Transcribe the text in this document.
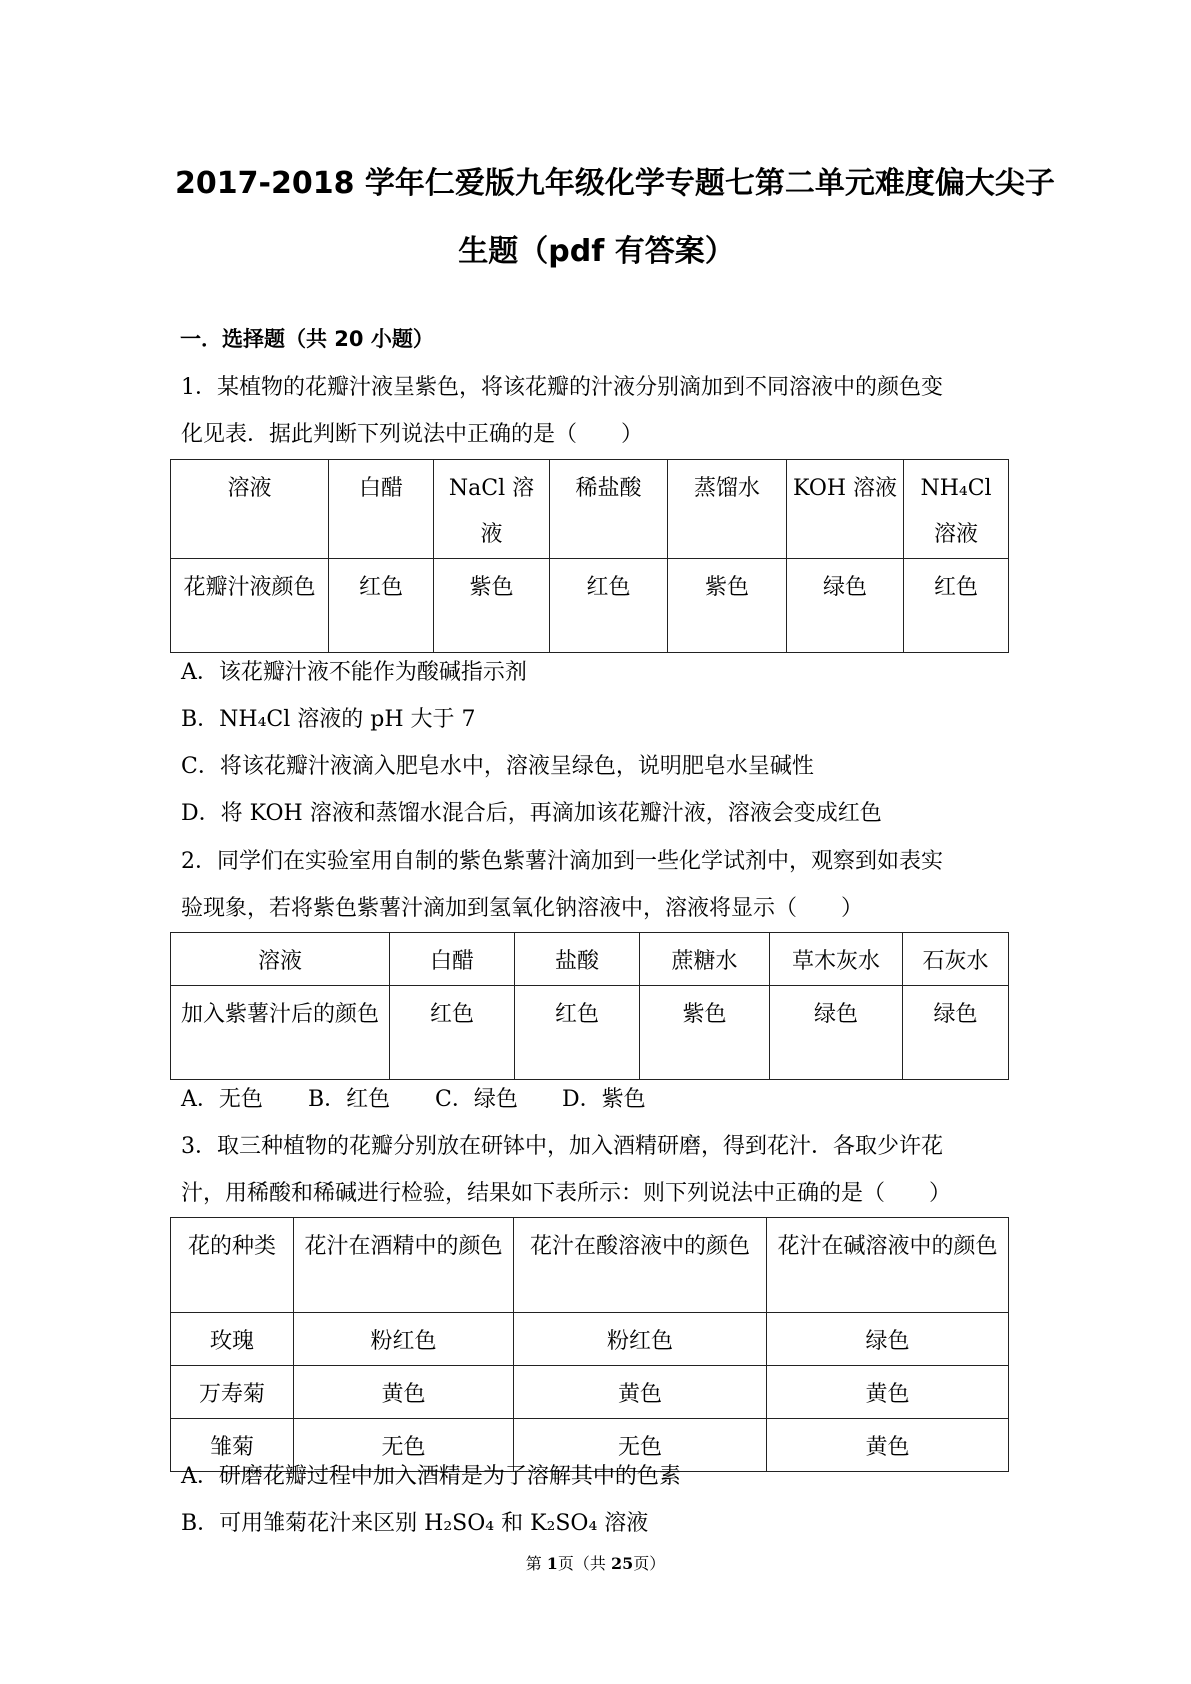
2017-2018 学年仁爱版九年级化学专题七第二单元难度偏大尖子
生题（pdf 有答案）
一．选择题（共 20 小题）
1．某植物的花瓣汁液呈紫色，将该花瓣的汁液分别滴加到不同溶液中的颜色变
化见表．据此判断下列说法中正确的是（　　）
溶液	白醋	NaCl 溶液	稀盐酸	蒸馏水	KOH 溶液	NH₄Cl 溶液
花瓣汁液颜色	红色	紫色	红色	紫色	绿色	红色
A．该花瓣汁液不能作为酸碱指示剂
B．NH₄Cl 溶液的 pH 大于 7
C．将该花瓣汁液滴入肥皂水中，溶液呈绿色，说明肥皂水呈碱性
D．将 KOH 溶液和蒸馏水混合后，再滴加该花瓣汁液，溶液会变成红色
2．同学们在实验室用自制的紫色紫薯汁滴加到一些化学试剂中，观察到如表实
验现象，若将紫色紫薯汁滴加到氢氧化钠溶液中，溶液将显示（　　）
溶液	白醋	盐酸	蔗糖水	草木灰水	石灰水
加入紫薯汁后的颜色	红色	红色	紫色	绿色	绿色
A．无色 B．红色 C．绿色 D．紫色
3．取三种植物的花瓣分别放在研钵中，加入酒精研磨，得到花汁．各取少许花
汁，用稀酸和稀碱进行检验，结果如下表所示：则下列说法中正确的是（　　）
花的种类	花汁在酒精中的颜色	花汁在酸溶液中的颜色	花汁在碱溶液中的颜色
玫瑰	粉红色	粉红色	绿色
万寿菊	黄色	黄色	黄色
雏菊	无色	无色	黄色
A．研磨花瓣过程中加入酒精是为了溶解其中的色素
B．可用雏菊花汁来区别 H₂SO₄ 和 K₂SO₄ 溶液
第 1页（共 25页）
